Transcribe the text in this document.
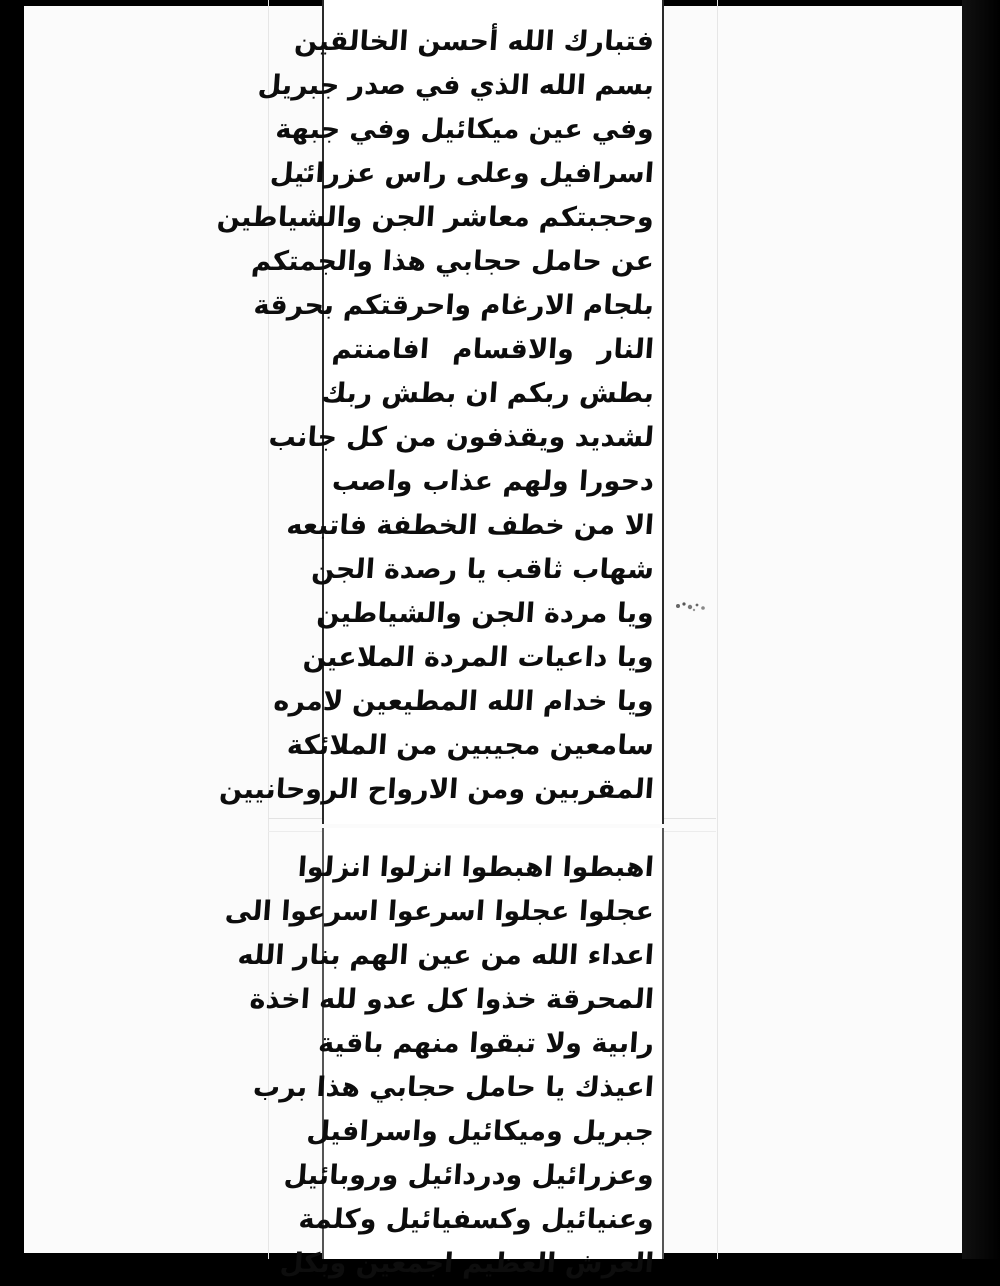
فتبارك الله أحسن الخالقين
بسم الله الذي في صدر جبريل
وفي عين ميكائيل وفي جبهة
اسرافيل وعلى راس عزرائيل
وحجبتكم معاشر الجن والشياطين
عن حامل حجابي هذا والجمتكم
بلجام الارغام واحرقتكم بحرقة
النار والاقسام افامنتم
بطش ربكم ان بطش ربك
لشديد ويقذفون من كل جانب
دحورا ولهم عذاب واصب
الا من خطف الخطفة فاتبعه
شهاب ثاقب يا رصدة الجن
ويا مردة الجن والشياطين
ويا داعيات المردة الملاعين
ويا خدام الله المطيعين لامره
سامعين مجيبين من الملائكة
المقربين ومن الارواح الروحانيين
اهبطوا اهبطوا انزلوا انزلوا
عجلوا عجلوا اسرعوا اسرعوا الى
اعداء الله من عين الهم بنار الله
المحرقة خذوا كل عدو لله اخذة
رابية ولا تبقوا منهم باقية
اعيذك يا حامل حجابي هذا برب
جبريل وميكائيل واسرافيل
وعزرائيل ودردائيل وروبائيل
وعنيائيل وكسفيائيل وكلمة
العرش العظيم اجمعين وبكل
